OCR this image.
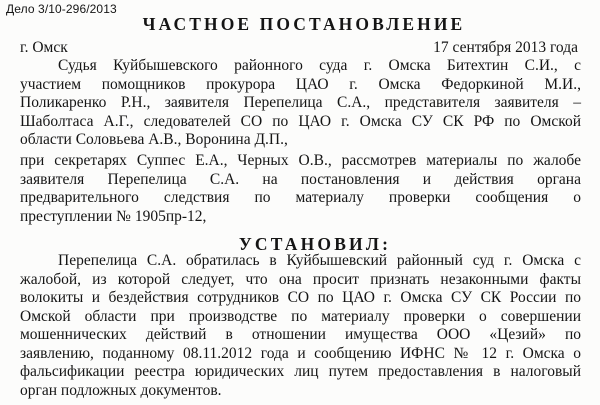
Дело 3/10-296/2013
ЧАСТНОЕ ПОСТАНОВЛЕНИЕ
г. Омск	17 сентября 2013 года
Судья Куйбышевского районного суда г. Омска Битехтин С.И., с
участием помощников прокурора ЦАО г. Омска Федоркиной М.И.,
Поликаренко Р.Н., заявителя Перепелица С.А., представителя заявителя –
Шаболтаса А.Г., следователей СО по ЦАО г. Омска СУ СК РФ по Омской
области Соловьева А.В., Воронина Д.П.,
при секретарях Суппес Е.А., Черных О.В., рассмотрев материалы по жалобе
заявителя Перепелица С.А. на постановления и действия органа
предварительного следствия по материалу проверки сообщения о
преступлении № 1905пр-12,
УСТАНОВИЛ:
Перепелица С.А. обратилась в Куйбышевский районный суд г. Омска с
жалобой, из которой следует, что она просит признать незаконными факты
волокиты и бездействия сотрудников СО по ЦАО г. Омска СУ СК России по
Омской области при производстве по материалу проверки о совершении
мошеннических действий в отношении имущества ООО «Цезий» по
заявлению, поданному 08.11.2012 года и сообщению ИФНС № 12 г. Омска о
фальсификации реестра юридических лиц путем предоставления в налоговый
орган подложных документов.
